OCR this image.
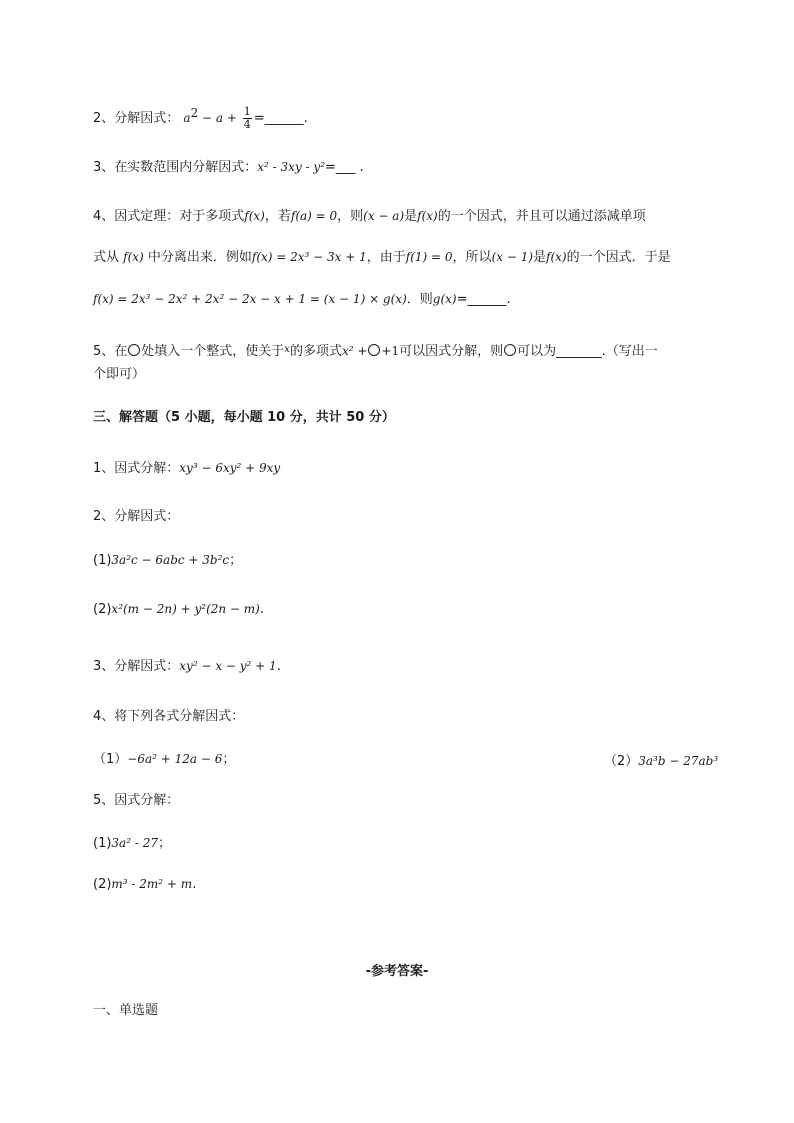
2、分解因式： $a^2 - a + \frac{1}{4}$ =______.
3、在实数范围内分解因式：x² - 3xy - y²=___ .
4、因式定理：对于多项式f(x)，若f(a) = 0，则(x − a)是f(x)的一个因式，并且可以通过添减单项
式从 f(x) 中分离出来．例如f(x) = 2x³ − 3x + 1，由于f(1) = 0，所以(x − 1)是f(x)的一个因式．于是
f(x) = 2x³ − 2x² + 2x² − 2x − x + 1 = (x − 1) × g(x)．则g(x)=______.
5、在 处填入一个整式，使关于$^x$的多项式x² + +1可以因式分解，则 可以为_______.（写出一
个即可）
三、解答题（5 小题，每小题 10 分，共计 50 分）
1、因式分解：xy³ − 6xy² + 9xy
2、分解因式：
(1)3a²c − 6abc + 3b²c；
(2)x²(m − 2n) + y²(2n − m).
3、分解因式：xy² − x − y² + 1.
4、将下列各式分解因式：
（1）−6a² + 12a − 6；	（2）3a³b − 27ab³
5、因式分解：
(1)3a² - 27；
(2)m³ - 2m² + m.
-参考答案-
一、单选题
